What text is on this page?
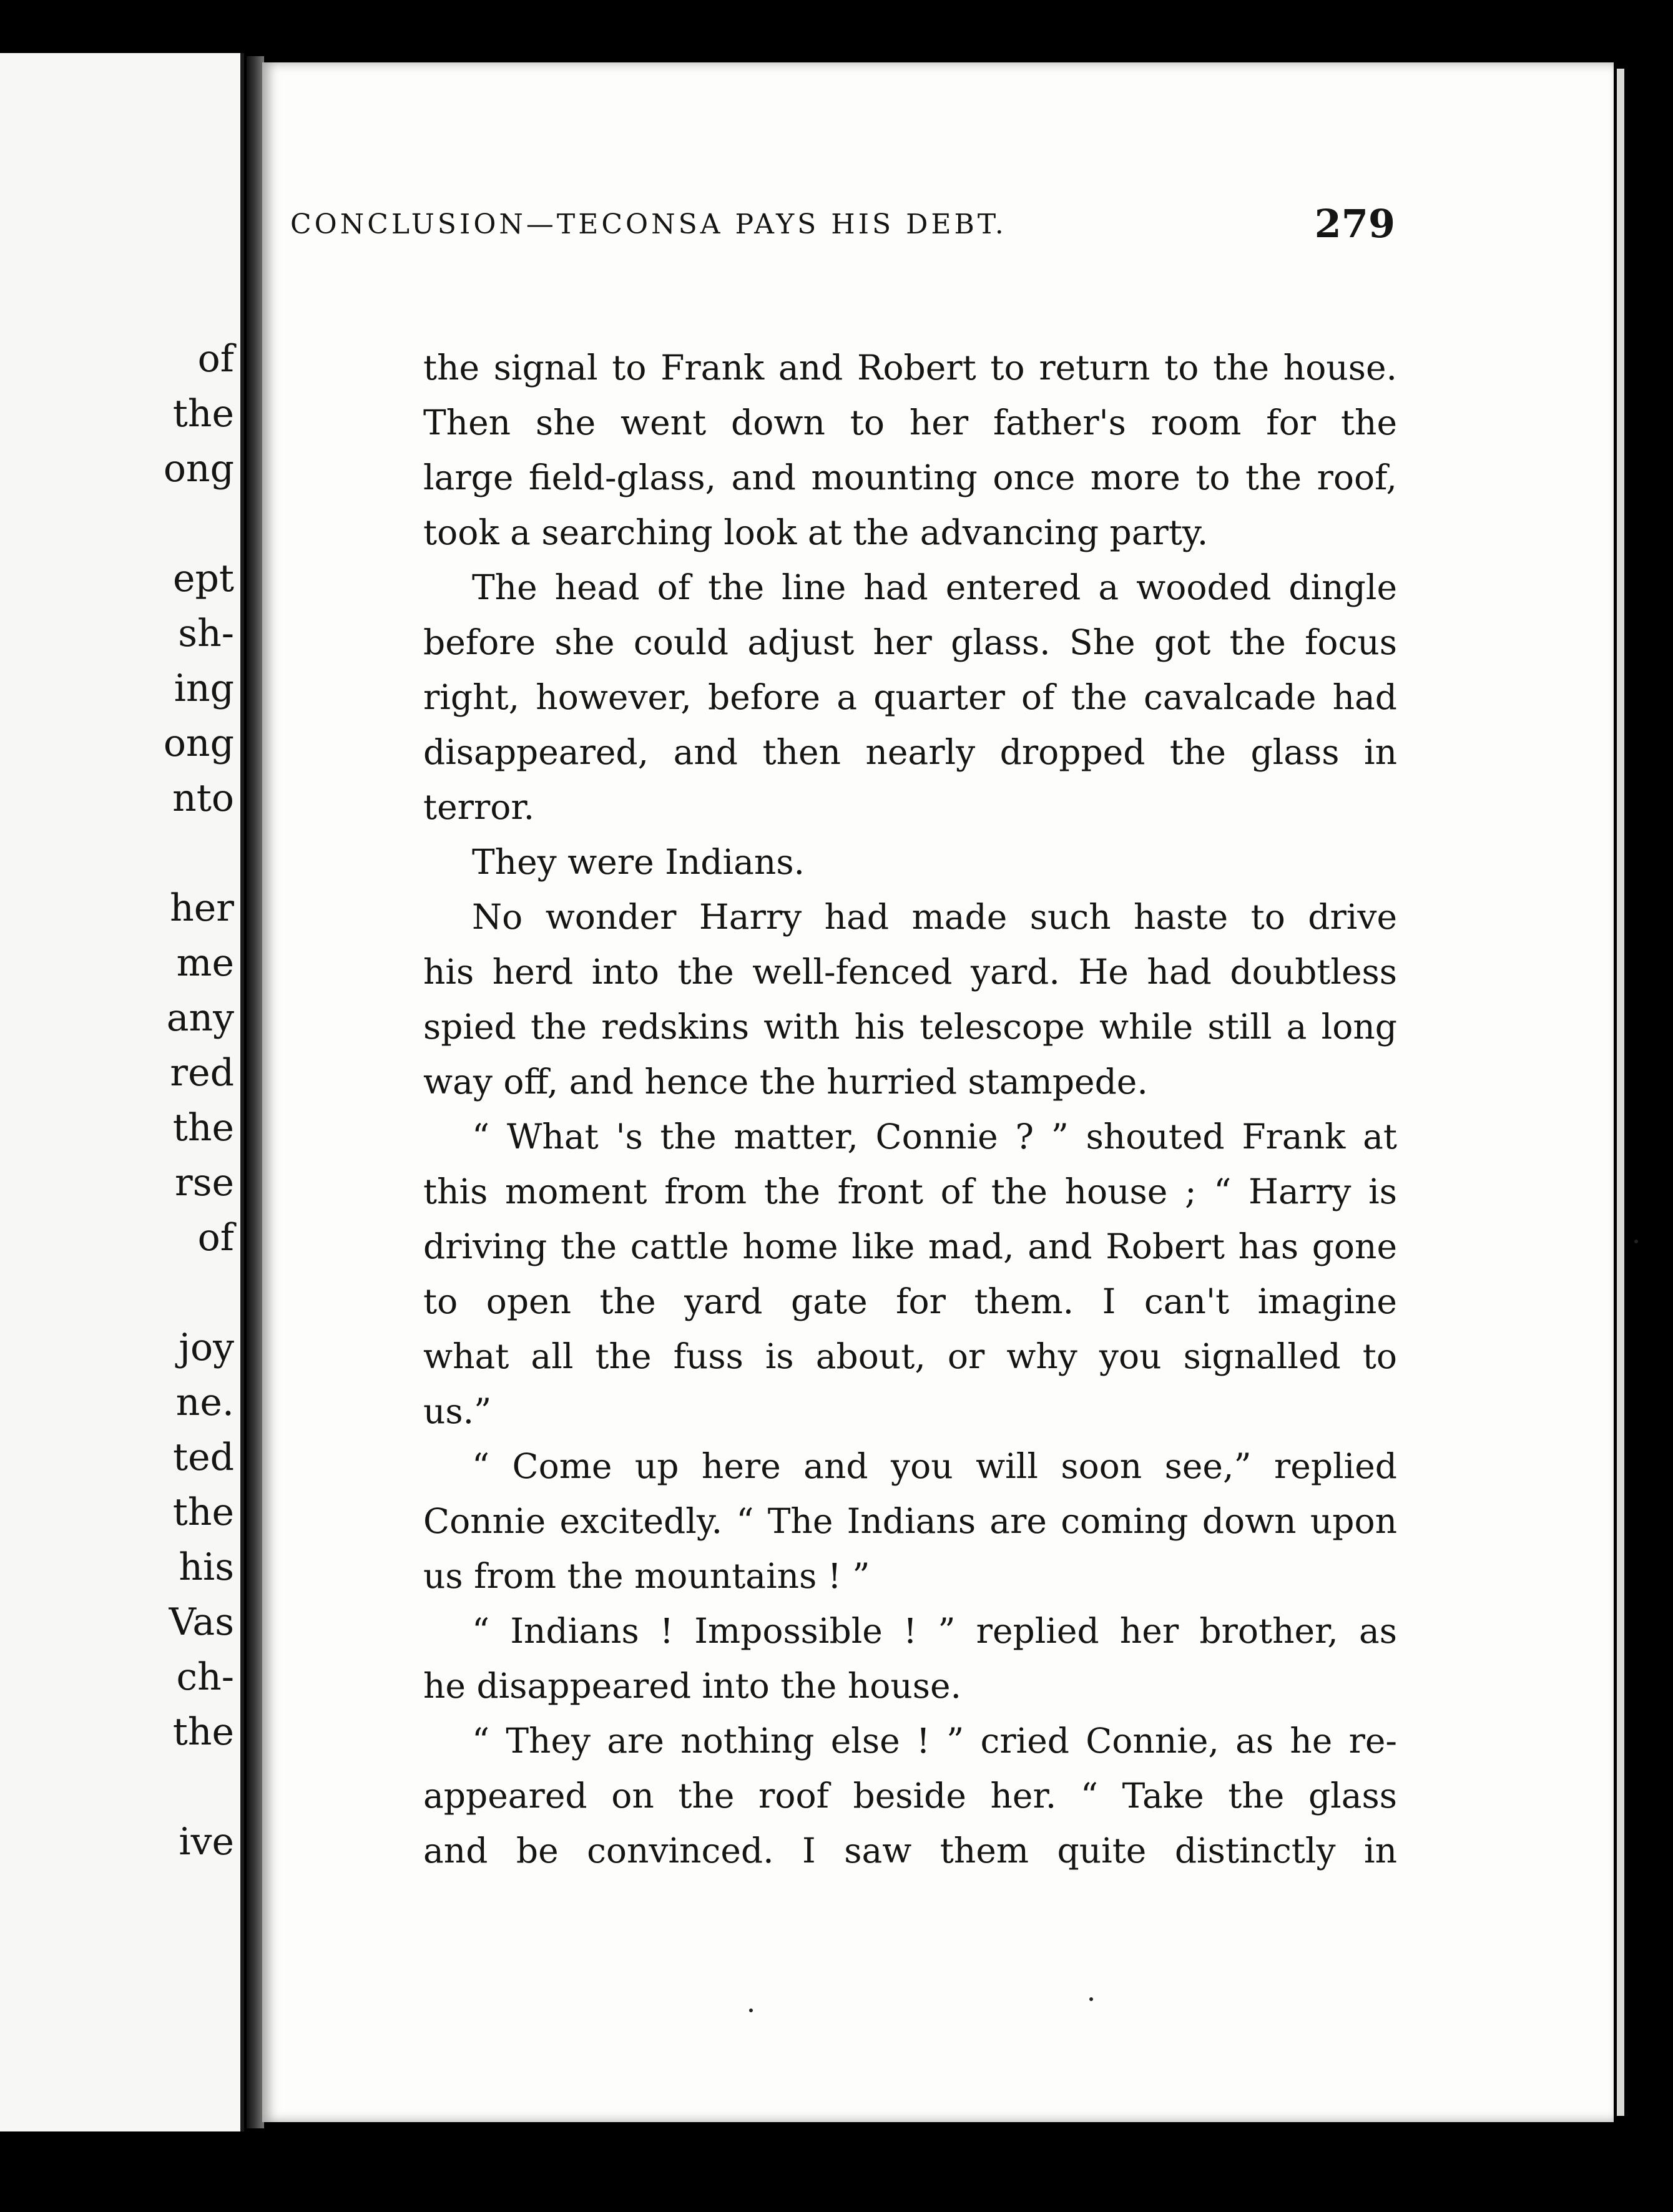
of
the
ong
ept
sh-
ing
ong
nto
her
me
any
red
the
rse
of
joy
ne.
ted
the
his
Vas
ch-
the
ive
CONCLUSION—TECONSA PAYS HIS DEBT.	279
the signal to Frank and Robert to return to the house.
Then she went down to her father's room for the
large field-glass, and mounting once more to the roof,
took a searching look at the advancing party.
The head of the line had entered a wooded dingle
before she could adjust her glass. She got the focus
right, however, before a quarter of the cavalcade had
disappeared, and then nearly dropped the glass in
terror.
They were Indians.
No wonder Harry had made such haste to drive
his herd into the well-fenced yard. He had doubtless
spied the redskins with his telescope while still a long
way off, and hence the hurried stampede.
“ What 's the matter, Connie ? ” shouted Frank at
this moment from the front of the house ; “ Harry is
driving the cattle home like mad, and Robert has gone
to open the yard gate for them. I can't imagine
what all the fuss is about, or why you signalled to
us.”
“ Come up here and you will soon see,” replied
Connie excitedly. “ The Indians are coming down upon
us from the mountains ! ”
“ Indians ! Impossible ! ” replied her brother, as
he disappeared into the house.
“ They are nothing else ! ” cried Connie, as he re-
appeared on the roof beside her. “ Take the glass
and be convinced. I saw them quite distinctly in
